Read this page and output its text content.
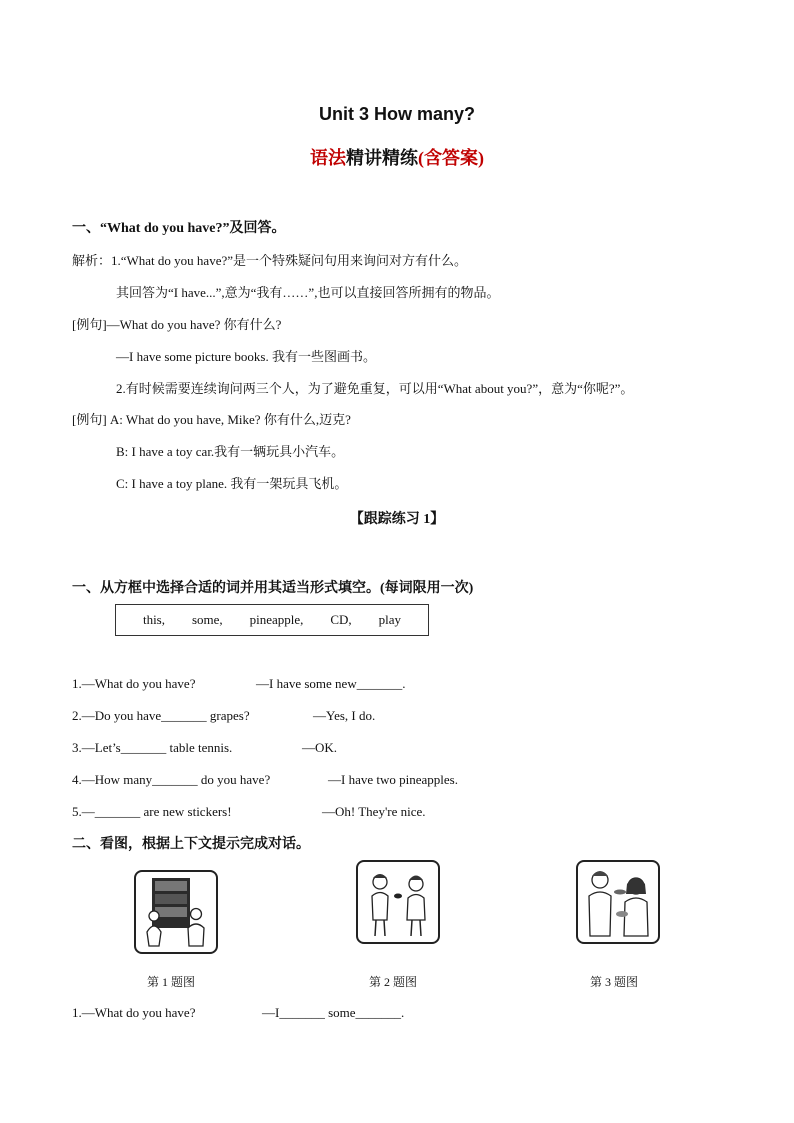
Unit 3 How many?
语法精讲精练(含答案)
一、“What do you have?”及回答。
解析：1.“What do you have?”是一个特殊疑问句用来询问对方有什么。
其回答为“I have...”,意为“我有……”,也可以直接回答所拥有的物品。
[例句]—What do you have? 你有什么?
—I have some picture books. 我有一些图画书。
2.有时候需要连续询问两三个人，为了避免重复，可以用“What about you?”，意为“你呢?”。
[例句] A: What do you have, Mike? 你有什么,迈克?
B: I have a toy car.我有一辆玩具小汽车。
C: I have a toy plane. 我有一架玩具飞机。
【跟踪练习 1】
一、从方框中选择合适的词并用其适当形式填空。(每词限用一次)
this, some, pineapple, CD, play
1.—What do you have?	—I have some new_______.
2.—Do you have_______ grapes?	—Yes, I do.
3.—Let’s_______ table tennis.	—OK.
4.—How many_______ do you have?	—I have two pineapples.
5.—_______ are new stickers!	—Oh! They're nice.
二、看图，根据上下文提示完成对话。
第 1 题图	第 2 题图	第 3 题图
1.—What do you have?	—I_______ some_______.
